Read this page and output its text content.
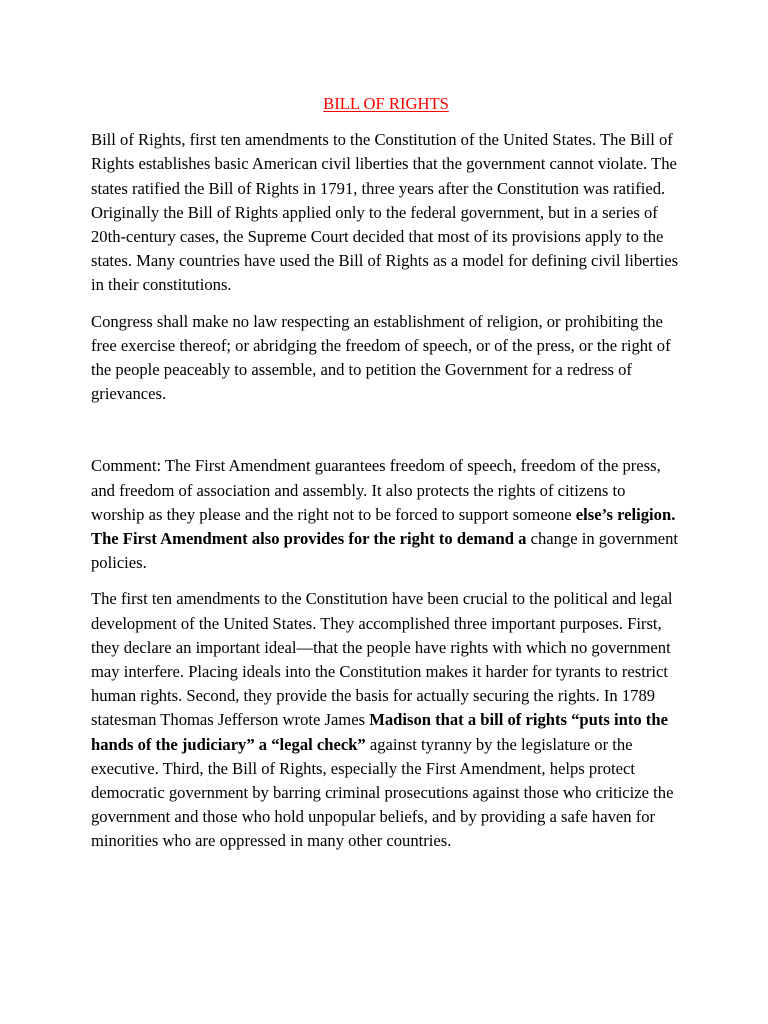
BILL OF RIGHTS

Bill of Rights, first ten amendments to the Constitution of the United States. The Bill of Rights establishes basic American civil liberties that the government cannot violate. The states ratified the Bill of Rights in 1791, three years after the Constitution was ratified. Originally the Bill of Rights applied only to the federal government, but in a series of 20th-century cases, the Supreme Court decided that most of its provisions apply to the states. Many countries have used the Bill of Rights as a model for defining civil liberties in their constitutions.

Congress shall make no law respecting an establishment of religion, or prohibiting the free exercise thereof; or abridging the freedom of speech, or of the press, or the right of the people peaceably to assemble, and to petition the Government for a redress of grievances.

Comment: The First Amendment guarantees freedom of speech, freedom of the press, and freedom of association and assembly. It also protects the rights of citizens to worship as they please and the right not to be forced to support someone else’s religion. The First Amendment also provides for the right to demand a change in government policies.

The first ten amendments to the Constitution have been crucial to the political and legal development of the United States. They accomplished three important purposes. First, they declare an important ideal—that the people have rights with which no government may interfere. Placing ideals into the Constitution makes it harder for tyrants to restrict human rights. Second, they provide the basis for actually securing the rights. In 1789 statesman Thomas Jefferson wrote James Madison that a bill of rights “puts into the hands of the judiciary” a “legal check” against tyranny by the legislature or the executive. Third, the Bill of Rights, especially the First Amendment, helps protect democratic government by barring criminal prosecutions against those who criticize the government and those who hold unpopular beliefs, and by providing a safe haven for minorities who are oppressed in many other countries.
